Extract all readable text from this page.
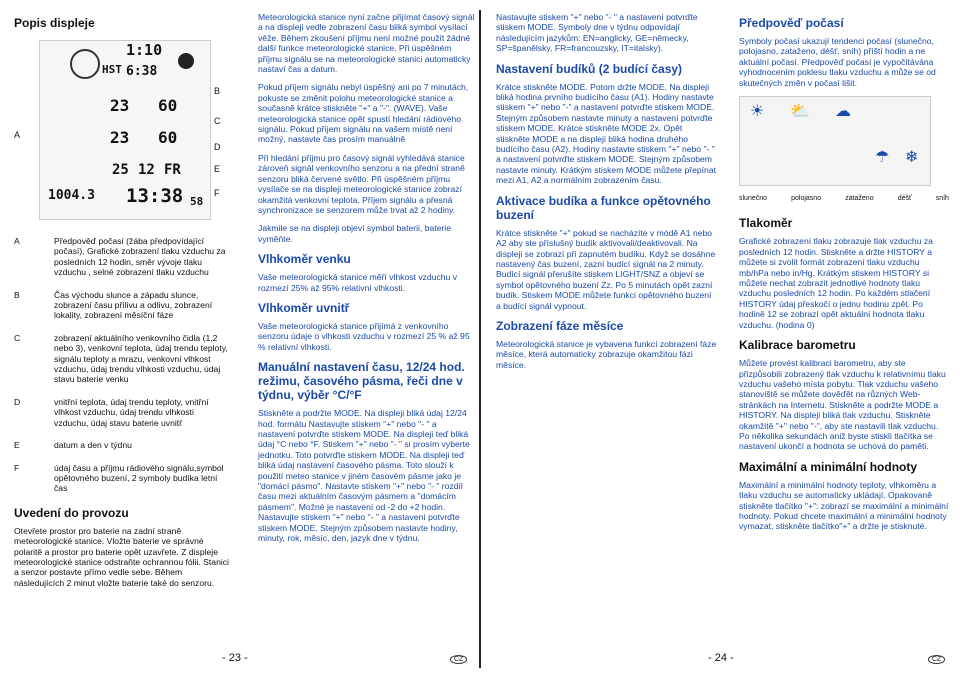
Popis displeje
1:10
HST 6:38
23 60
23 60
25 12 FR
1004.3 13:38 58
A
B
C
D
E
F
A	Předpověď počasí (žába předpovídající počasí), Grafické zobrazení tlaku vzduchu za posledních 12 hodin, směr vývoje tlaku vzduchu , selné zobrazení tlaku vzduchu
B	Čas východu slunce a západu slunce, zobrazení času přílivu a odlivu, zobrazení lokality, zobrazení měsíční fáze
C	zobrazení aktuálního venkovního čidla (1,2 nebo 3), venkovní teplota, údaj trendu teploty, signálu teploty a mrazu, venkovní vlhkost vzduchu, údaj trendu vlhkosti vzduchu, údaj stavu baterie venku
D	vnitřní teplota, údaj trendu teploty, vnitřní vlhkost vzduchu, údaj trendu vlhkosti vzduchu, údaj stavu baterie uvnitř
E	datum a den v týdnu
F	údaj času a příjmu rádiového signálu,symbol opětovného buzení, 2 symboly budíka letní čas
Uvedení do provozu

Otevřete prostor pro baterie na zadní straně meteorologické stanice. Vložte baterie ve správné polaritě a prostor pro baterie opět uzavřete. Z displeje meteorologické stanice odstraňte ochrannou fólii. Stanici a senzor postavte přímo vedle sebe. Během následujících 2 minut vložte baterie také do senzoru.

Meteorologická stanice nyní začne přijímat časový signál a na displeji vedle zobrazení času bliká symbol vysílací věže. Během zkoušení příjmu není možné použít žádné další funkce meteorologické stanice. Při úspěšném příjmu signálu se na meteorologické stanici automaticky nastaví čas a datum.

Pokud příjem signálu nebyl úspěšný ani po 7 minutách, pokuste se změnit polohu meteorologické stanice a současně krátce stiskněte "+" a "-". (WAVE). Vaše meteorologická stanice opět spustí hledání rádiového signálu. Pokud příjem signálu na vašem místě není možný, nastavte čas prosím manuálně

Při hledání příjmu pro časový signál vyhledává stanice zároveň signál venkovního senzoru a na přední straně senzoru bliká červené světlo. Při úspěšném příjmu vysílače se na displeji meteorologické stanice zobrazí okamžitá venkovní teplota. Příjem signálu a přesná synchronizace se senzorem může trvat až 2 hodiny.

Jakmile se na displeji objeví symbol baterii, baterie vyměňte.

Vlhkoměr venku

Vaše meteorologická stanice měří vlhkost vzduchu v rozmezí 25% až 95% relativní vlhkosti.

Vlhkoměr uvnitř

Vaše meteorologická stanice přijímá z venkovního senzoru údaje o vlhkosti vzduchu v rozmezí 25 % až 95 % relativní vlhkosti.

Manuální nastavení času, 12/24 hod. režimu, časového pásma, řeči dne v týdnu, výběr °C/°F

Stiskněte a podržte MODE. Na displeji bliká údaj 12/24 hod. formátu Nastavujte stiskem "+" nebo "- " a nastavení potvrďte stiskem MODE. Na displeji teď bliká údaj °C nebo °F. Stiskem "+" nebo "- " si prosím vyberte jednotku. Toto potvrďte stiskem MODE. Na displeji teď bliká údaj nastavení časového pásma. Toto slouží k použití meteo stanice v jiném časovém pásme jako je "domácí pásmo". Nastavte stiskem "+" nebo "- " rozdíl času mezi aktuálním časovým pásmem a "domácím pásmem". Možné je nastavení od -2 do +2 hodin. Nastavujte stiskem "+" nebo "- " a nastavení potvrďte stiskem MODE. Stejným způsobem nastavte hodiny, minuty, rok, měsíc, den, jazyk dne v týdnu.

- 23 -	CZ

Nastavujte stiskem "+" nebo "- " a nastavení potvrďte stiskem MODE. Symboly dne v týdnu odpovídají následujícím jazykům: EN=anglicky, GE=německy, SP=španělsky, FR=francouzsky, IT=italsky).

Nastavení budíků (2 budící časy)

Krátce stiskněte MODE. Potom držte MODE. Na displeji bliká hodina prvního budícího času (A1). Hodiny nastavte stiskem "+" nebo "-" a nastavení potvrďte stiskem MODE. Stejným způsobem nastavte minuty a nastavení potvrďte stiskem MODE. Krátce stiskněte MODE 2x. Opět stiskněte MODE a na displeji bliká hodina druhého budícího času (A2). Hodiny nastavte stiskem "+" nebo "- " a nastavení potvrďte stiskem MODE. Stejným způsobem nastavte minuty. Krátkým stiskem MODE můžete přepínat mezi A1, A2 a normálním zobrazením času.

Aktivace budíka a funkce opětovného buzení

Krátce stiskněte "+" pokud se nacházíte v módě A1 nebo A2 aby ste příslušný budík aktivovali/deaktivovali. Na displeji se zobrazí při zapnutém budíku. Když se dosáhne nastavený čas buzení, zazní budící signál na 2 minuty. Budící signál přerušíte stiskem LIGHT/SNZ a objeví se symbol opětovného buzení Zz. Po 5 minutách opět zazní budík. Stiskem MODE můžete funkci opětovného buzení a budící signál vypnout.

Zobrazení fáze měsíce

Meteorologická stanice je vybavena funkcí zobrazení fáze měsíce, která automaticky zobrazuje okamžitou fázi měsíce.

Předpověď počasí

Symboly počasí ukazují tendenci počasí (slunečno, polojasno, zataženo, déšť, sníh) příští hodin a ne aktuální počasí. Předpověď počasí je vypočítávána vyhodnocením poklesu tlaku vzduchu a může se od skutečných změn v počasí lišit.

☀ ⛅ ☁
☂ ❄
slunečno	polojasno	zataženo	déšť	sníh
Tlakoměr

Grafické zobrazení tlaku zobrazuje tlak vzduchu za posledních 12 hodin. Stiskněte a držte HISTORY a můžete si zvolit formát zobrazení tlaku vzduchu mb/hPa nebo in/Hg. Krátkým stiskem HISTORY si můžete nechat zobrazit jednotlivé hodnoty tlaku vzduchu posledních 12 hodin. Po každém stlačení HISTORY údaj přeskočí o jednu hodinu zpět. Po hodině 12 se zobrazí opět aktuální hodnota tlaku vzduchu. (hodina 0)

Kalibrace barometru

Můžete provést kalibraci barometru, aby ste přizpůsobili zobrazený tlak vzduchu k relativnímu tlaku vzduchu vašeho místa pobytu. Tlak vzduchu vašeho stanoviště se můžete dověďět na různých Web-stránkách na Internetu. Stiskněte a podržte MODE a HISTORY. Na displeji bliká tlak vzduchu. Stiskněte okamžitě "+" nebo "-", aby ste nastavili tlak vzduchu. Po několika sekundách aniž byste stiskli tlačítka se nastavení ukončí a hodnota se uchová do paměti.

Maximální a minimální hodnoty

Maximální a minimální hodnoty teploty, vlhkoměru a tlaku vzduchu se automaticky ukládají. Opakovaně stiskněte tlačítko "+": zobrazí se maximální a minimální hodnoty. Pokud chcete maximální a minimální hodnoty vymazat, stiskněte tlačítko"+" a držte je stisknuté.

- 24 -	CZ
